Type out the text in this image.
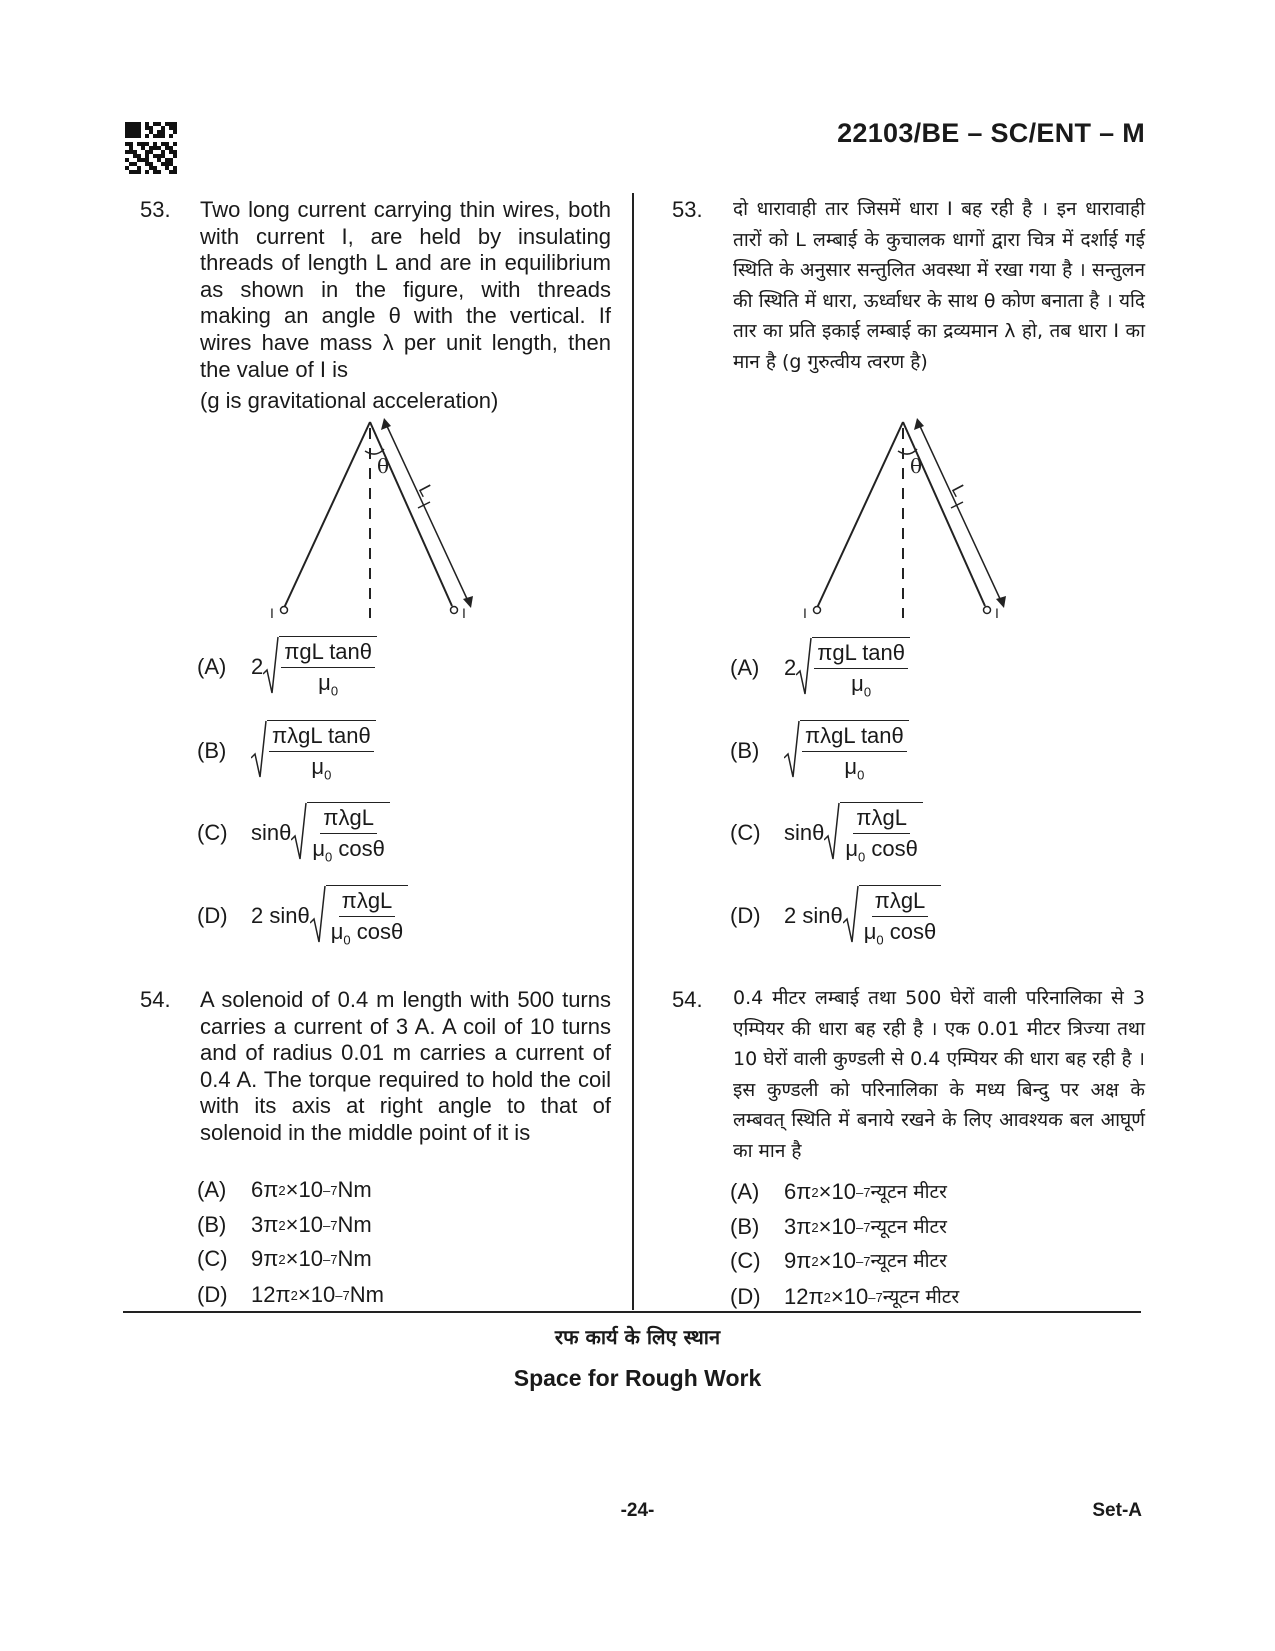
22103/BE – SC/ENT – M
53. Two long current carrying thin wires, both with current I, are held by insulating threads of length L and are in equilibrium as shown in the figure, with threads making an angle θ with the vertical. If wires have mass λ per unit length, then the value of I is
(g is gravitational acceleration)
θ
L
I	I
(A)	$2 \frac{\text{πgL tanθ}}{\mu_0}$
(B)	$\frac{\text{πλgL tanθ}}{\mu_0}$
(C)	sinθ $\frac{\text{πλgL}}{\mu_0 \cos\theta}$
(D)	2 sinθ $\frac{\text{πλgL}}{\mu_0 \cos\theta}$
54. A solenoid of 0.4 m length with 500 turns carries a current of 3 A. A coil of 10 turns and of radius 0.01 m carries a current of 0.4 A. The torque required to hold the coil with its axis at right angle to that of solenoid in the middle point of it is
(A)	6π 2 ×10 –7 Nm
(B)	3π 2 ×10 –7 Nm
(C)	9π 2 ×10 –7 Nm
(D)	12π 2 ×10 –7 Nm
53. दो धारावाही तार जिसमें धारा I बह रही है । इन धारावाही तारों को L लम्बाई के कुचालक धागों द्वारा चित्र में दर्शाई गई स्थिति के अनुसार सन्तुलित अवस्था में रखा गया है । सन्तुलन की स्थिति में धारा, ऊर्ध्वाधर के साथ θ कोण बनाता है । यदि तार का प्रति इकाई लम्बाई का द्रव्यमान λ हो, तब धारा I का मान है (g गुरुत्वीय त्वरण है)
θ
L
I	I
(A)	$2 \frac{\text{πgL tanθ}}{\mu_0}$
(B)	$\frac{\text{πλgL tanθ}}{\mu_0}$
(C)	sinθ $\frac{\text{πλgL}}{\mu_0 \cos\theta}$
(D)	2 sinθ $\frac{\text{πλgL}}{\mu_0 \cos\theta}$
54. 0.4 मीटर लम्बाई तथा 500 घेरों वाली परिनालिका से 3 एम्पियर की धारा बह रही है । एक 0.01 मीटर त्रिज्या तथा 10 घेरों वाली कुण्डली से 0.4 एम्पियर की धारा बह रही है । इस कुण्डली को परिनालिका के मध्य बिन्दु पर अक्ष के लम्बवत् स्थिति में बनाये रखने के लिए आवश्यक बल आघूर्ण का मान है
(A)	6π 2 ×10 –7 न्यूटन मीटर
(B)	3π 2 ×10 –7 न्यूटन मीटर
(C)	9π 2 ×10 –7 न्यूटन मीटर
(D)	12π 2 ×10 –7 न्यूटन मीटर
रफ कार्य के लिए स्थान
Space for Rough Work
-24-	Set-A
